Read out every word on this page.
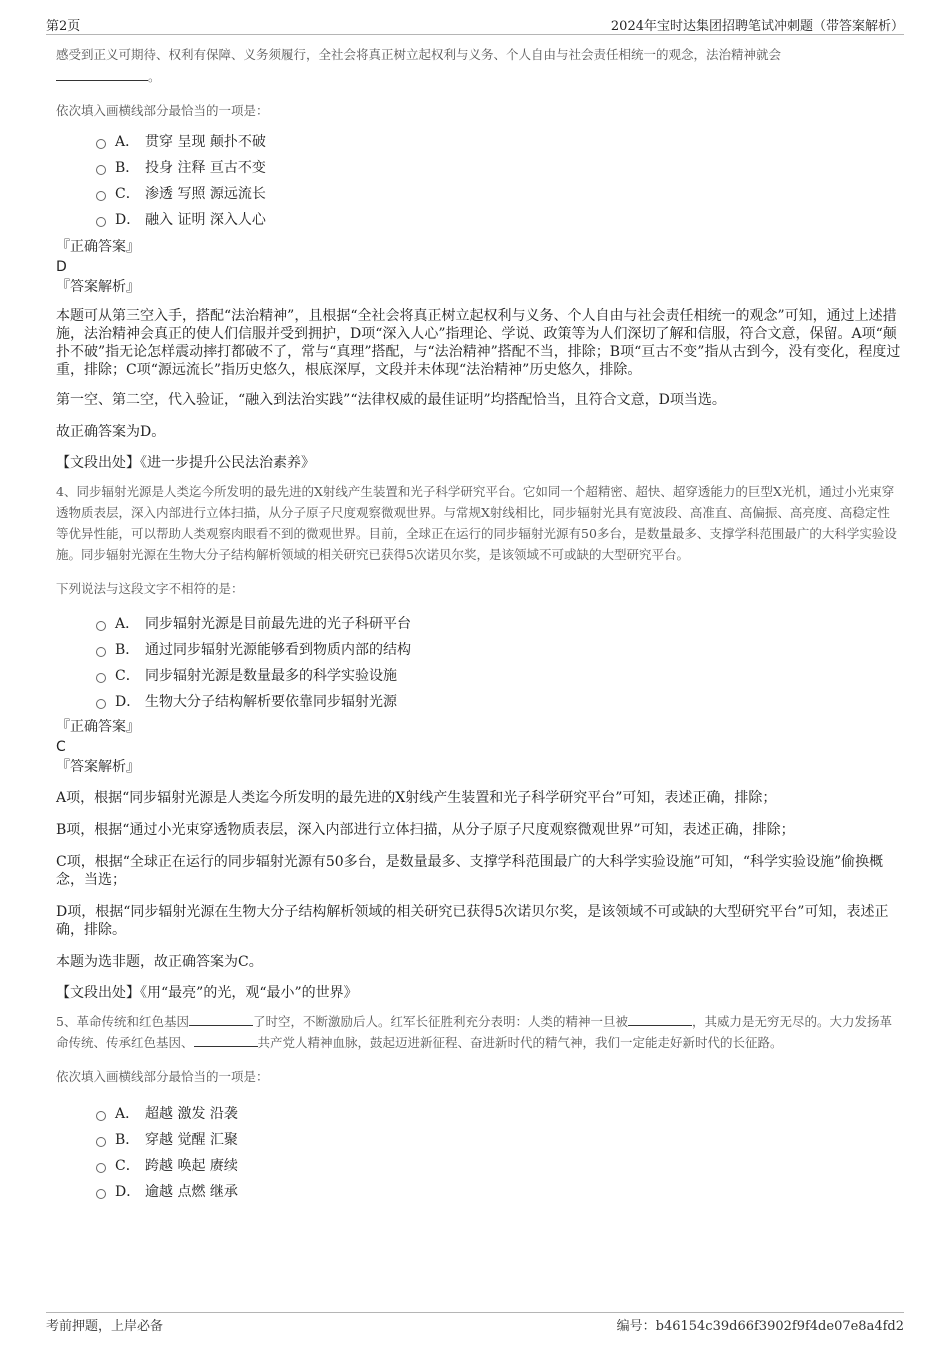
第2页	2024年宝时达集团招聘笔试冲刺题（带答案解析）

感受到正义可期待、权利有保障、义务须履行，全社会将真正树立起权利与义务、个人自由与社会责任相统一的观念，法治精神就会
。

依次填入画横线部分最恰当的一项是：

A． 贯穿 呈现 颠扑不破
B． 投身 注释 亘古不变
C． 渗透 写照 源远流长
D． 融入 证明 深入人心

『正确答案』

D

『答案解析』

本题可从第三空入手，搭配“法治精神”，且根据“全社会将真正树立起权利与义务、个人自由与社会责任相统一的观念”可知，通过上述措施，法治精神会真正的使人们信服并受到拥护，D项“深入人心”指理论、学说、政策等为人们深切了解和信服，符合文意，保留。A项“颠扑不破”指无论怎样震动摔打都破不了，常与“真理”搭配，与“法治精神”搭配不当，排除；B项“亘古不变”指从古到今，没有变化，程度过重，排除；C项“源远流长”指历史悠久，根底深厚，文段并未体现“法治精神”历史悠久，排除。

第一空、第二空，代入验证，“融入到法治实践”“法律权威的最佳证明”均搭配恰当，且符合文意，D项当选。

故正确答案为D。

【文段出处】《进一步提升公民法治素养》

4、同步辐射光源是人类迄今所发明的最先进的X射线产生装置和光子科学研究平台。它如同一个超精密、超快、超穿透能力的巨型X光机，通过小光束穿透物质表层，深入内部进行立体扫描，从分子原子尺度观察微观世界。与常规X射线相比，同步辐射光具有宽波段、高准直、高偏振、高亮度、高稳定性等优异性能，可以帮助人类观察肉眼看不到的微观世界。目前，全球正在运行的同步辐射光源有50多台，是数量最多、支撑学科范围最广的大科学实验设施。同步辐射光源在生物大分子结构解析领域的相关研究已获得5次诺贝尔奖，是该领域不可或缺的大型研究平台。

下列说法与这段文字不相符的是：

A． 同步辐射光源是目前最先进的光子科研平台
B． 通过同步辐射光源能够看到物质内部的结构
C． 同步辐射光源是数量最多的科学实验设施
D． 生物大分子结构解析要依靠同步辐射光源

『正确答案』

C

『答案解析』

A项，根据“同步辐射光源是人类迄今所发明的最先进的X射线产生装置和光子科学研究平台”可知，表述正确，排除；

B项，根据“通过小光束穿透物质表层，深入内部进行立体扫描，从分子原子尺度观察微观世界”可知，表述正确，排除；

C项，根据“全球正在运行的同步辐射光源有50多台，是数量最多、支撑学科范围最广的大科学实验设施”可知，“科学实验设施”偷换概念，当选；

D项，根据“同步辐射光源在生物大分子结构解析领域的相关研究已获得5次诺贝尔奖，是该领域不可或缺的大型研究平台”可知，表述正确，排除。

本题为选非题，故正确答案为C。

【文段出处】《用“最亮”的光，观“最小”的世界》

5、革命传统和红色基因	了时空，不断激励后人。红军长征胜利充分表明：人类的精神一旦被	，其威力是无穷无尽的。大力发扬革命传统、传承红色基因、	共产党人精神血脉，鼓起迈进新征程、奋进新时代的精气神，我们一定能走好新时代的长征路。

依次填入画横线部分最恰当的一项是：

A． 超越 激发 沿袭
B． 穿越 觉醒 汇聚
C． 跨越 唤起 赓续
D． 逾越 点燃 继承
考前押题，上岸必备	编号：b46154c39d66f3902f9f4de07e8a4fd2
